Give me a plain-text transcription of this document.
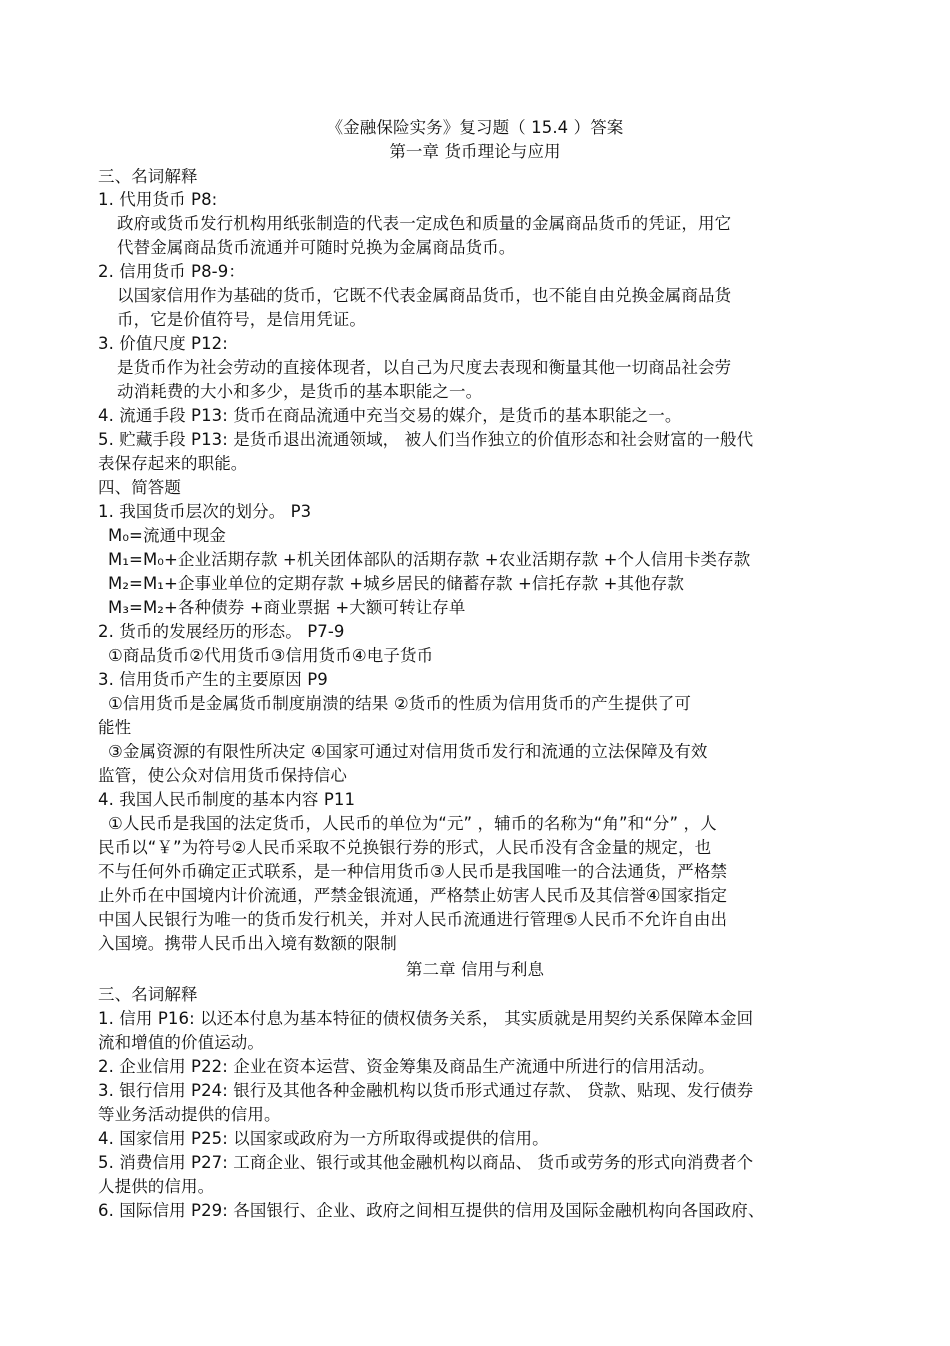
《金融保险实务》复习题（ 15.4 ）答案
第一章 货币理论与应用
三、名词解释
1. 代用货币 P8:
政府或货币发行机构用纸张制造的代表一定成色和质量的金属商品货币的凭证，用它
代替金属商品货币流通并可随时兑换为金属商品货币。
2. 信用货币 P8-9：
以国家信用作为基础的货币，它既不代表金属商品货币，也不能自由兑换金属商品货
币，它是价值符号，是信用凭证。
3. 价值尺度 P12:
是货币作为社会劳动的直接体现者，以自己为尺度去表现和衡量其他一切商品社会劳
动消耗费的大小和多少，是货币的基本职能之一。
4. 流通手段 P13: 货币在商品流通中充当交易的媒介，是货币的基本职能之一。
5. 贮藏手段 P13: 是货币退出流通领域， 被人们当作独立的价值形态和社会财富的一般代
表保存起来的职能。
四、简答题
1. 我国货币层次的划分。 P3
M₀=流通中现金
M₁=M₀+企业活期存款 +机关团体部队的活期存款 +农业活期存款 +个人信用卡类存款
M₂=M₁+企事业单位的定期存款 +城乡居民的储蓄存款 +信托存款 +其他存款
M₃=M₂+各种债券 +商业票据 +大额可转让存单
2. 货币的发展经历的形态。 P7-9
①商品货币②代用货币③信用货币④电子货币
3. 信用货币产生的主要原因 P9
①信用货币是金属货币制度崩溃的结果 ②货币的性质为信用货币的产生提供了可
能性
③金属资源的有限性所决定 ④国家可通过对信用货币发行和流通的立法保障及有效
监管，使公众对信用货币保持信心
4. 我国人民币制度的基本内容 P11
①人民币是我国的法定货币，人民币的单位为“元” ，辅币的名称为“角”和“分” ，人
民币以“￥”为符号②人民币采取不兑换银行券的形式，人民币没有含金量的规定，也
不与任何外币确定正式联系，是一种信用货币③人民币是我国唯一的合法通货，严格禁
止外币在中国境内计价流通，严禁金银流通，严格禁止妨害人民币及其信誉④国家指定
中国人民银行为唯一的货币发行机关，并对人民币流通进行管理⑤人民币不允许自由出
入国境。携带人民币出入境有数额的限制
第二章 信用与利息
三、名词解释
1. 信用 P16: 以还本付息为基本特征的债权债务关系， 其实质就是用契约关系保障本金回
流和增值的价值运动。
2. 企业信用 P22: 企业在资本运营、资金筹集及商品生产流通中所进行的信用活动。
3. 银行信用 P24: 银行及其他各种金融机构以货币形式通过存款、 贷款、贴现、发行债券
等业务活动提供的信用。
4. 国家信用 P25: 以国家或政府为一方所取得或提供的信用。
5. 消费信用 P27: 工商企业、银行或其他金融机构以商品、 货币或劳务的形式向消费者个
人提供的信用。
6. 国际信用 P29: 各国银行、企业、政府之间相互提供的信用及国际金融机构向各国政府、
